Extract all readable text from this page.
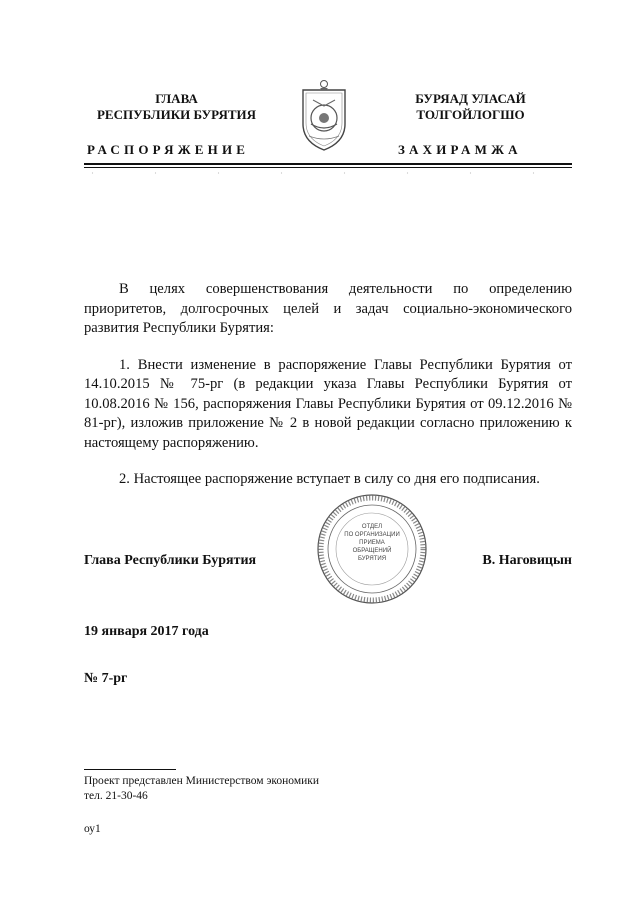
ГЛАВА
РЕСПУБЛИКИ БУРЯТИЯ
РАСПОРЯЖЕНИЕ
БУРЯАД УЛАСАЙ
ТОЛГОЙЛОГШО
ЗАХИРАМЖА

В целях совершенствования деятельности по определению приоритетов, долгосрочных целей и задач социально-экономического развития Республики Бурятия:

1. Внести изменение в распоряжение Главы Республики Бурятия от 14.10.2015 № 75-рг (в редакции указа Главы Республики Бурятия от 10.08.2016 № 156, распоряжения Главы Республики Бурятия от 09.12.2016 № 81-рг), изложив приложение № 2 в новой редакции согласно приложению к настоящему распоряжению.

2. Настоящее распоряжение вступает в силу со дня его подписания.

ОТДЕЛ
ПО ОРГАНИЗАЦИИ
ПРИЕМА
ОБРАЩЕНИЙ
БУРЯТИЯ
Глава Республики Бурятия	В. Наговицын
19 января 2017 года
№ 7-рг
Проект представлен Министерством экономики
тел. 21-30-46
оу1
